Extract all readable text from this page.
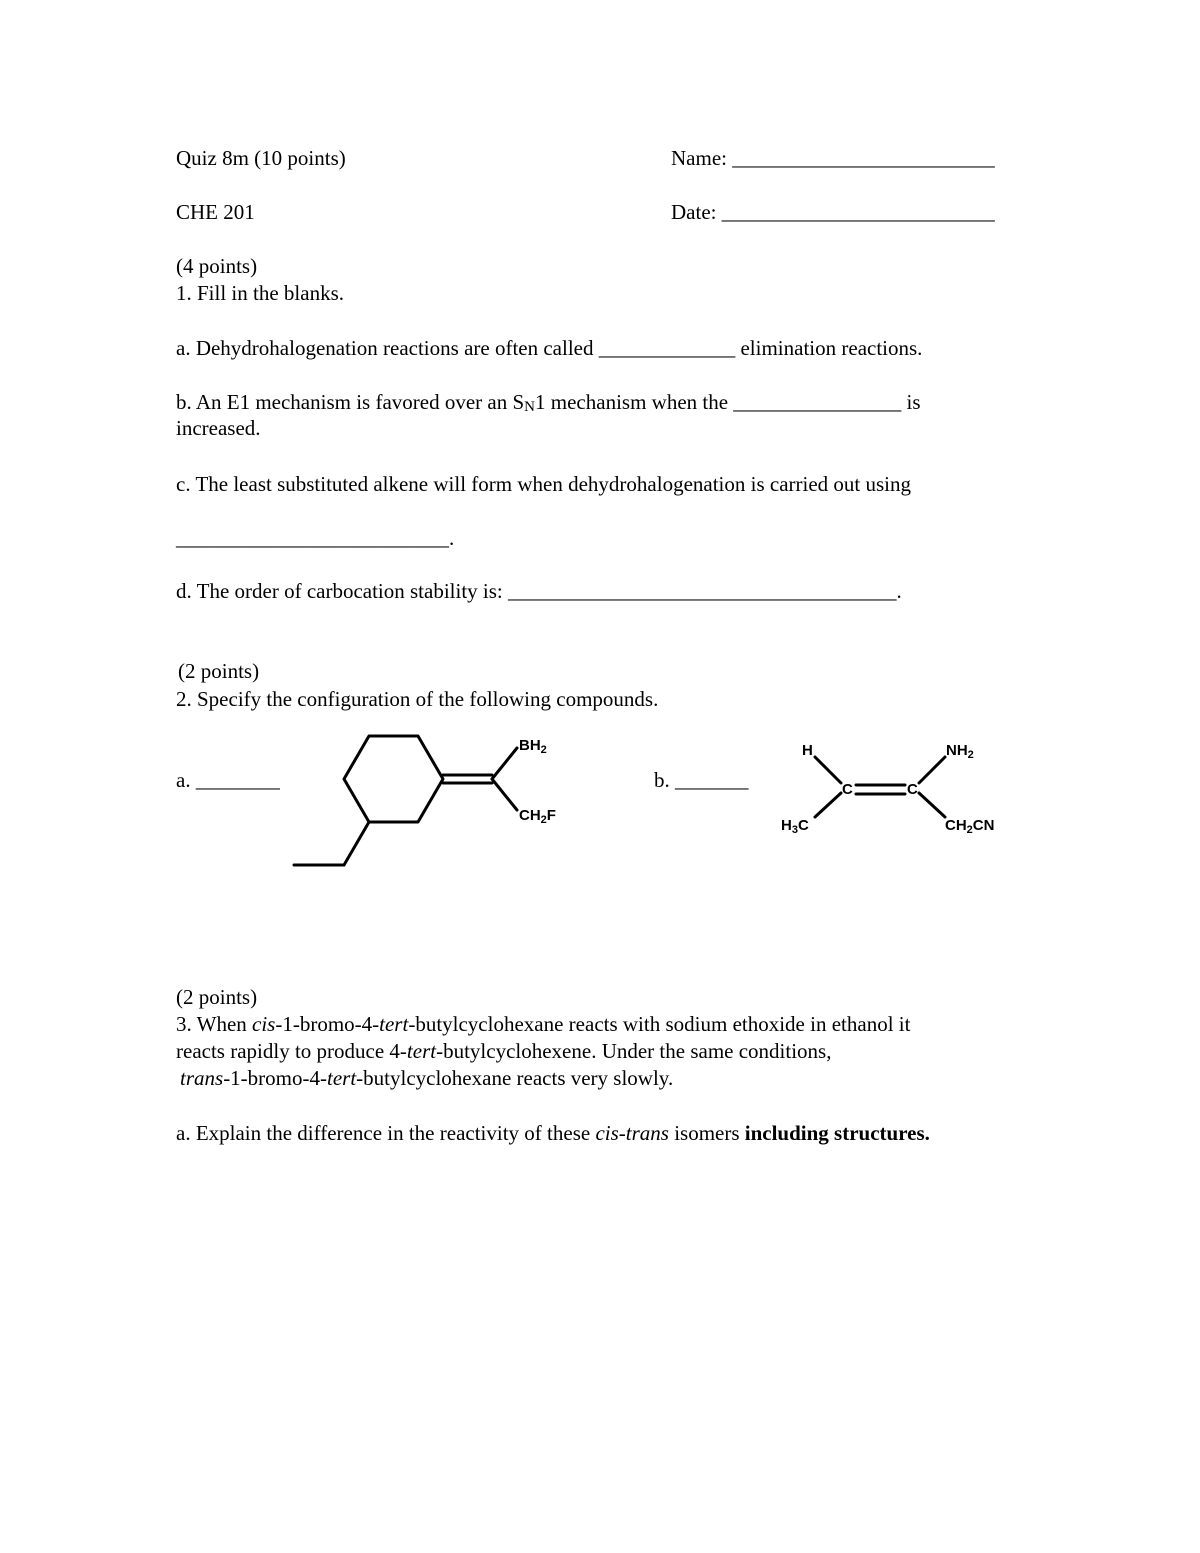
Quiz 8m (10 points)	Name: _________________________
CHE 201	Date: __________________________
(4 points)
1. Fill in the blanks.
a. Dehydrohalogenation reactions are often called _____________ elimination reactions.
b. An E1 mechanism is favored over an $S_N1$ mechanism when the ________________ is
increased.
c. The least substituted alkene will form when dehydrohalogenation is carried out using
__________________________.
d. The order of carbocation stability is: _____________________________________.
(2 points)
2. Specify the configuration of the following compounds.
a. ________	b. _______
$BH_2$
$CH_2F$
H	$NH_2$
C	C
$H_3C$	$CH_2CN$
(2 points)
3. When cis-1-bromo-4-tert-butylcyclohexane reacts with sodium ethoxide in ethanol it
reacts rapidly to produce 4-tert-butylcyclohexene. Under the same conditions,
trans-1-bromo-4-tert-butylcyclohexane reacts very slowly.
a. Explain the difference in the reactivity of these cis-trans isomers including structures.
